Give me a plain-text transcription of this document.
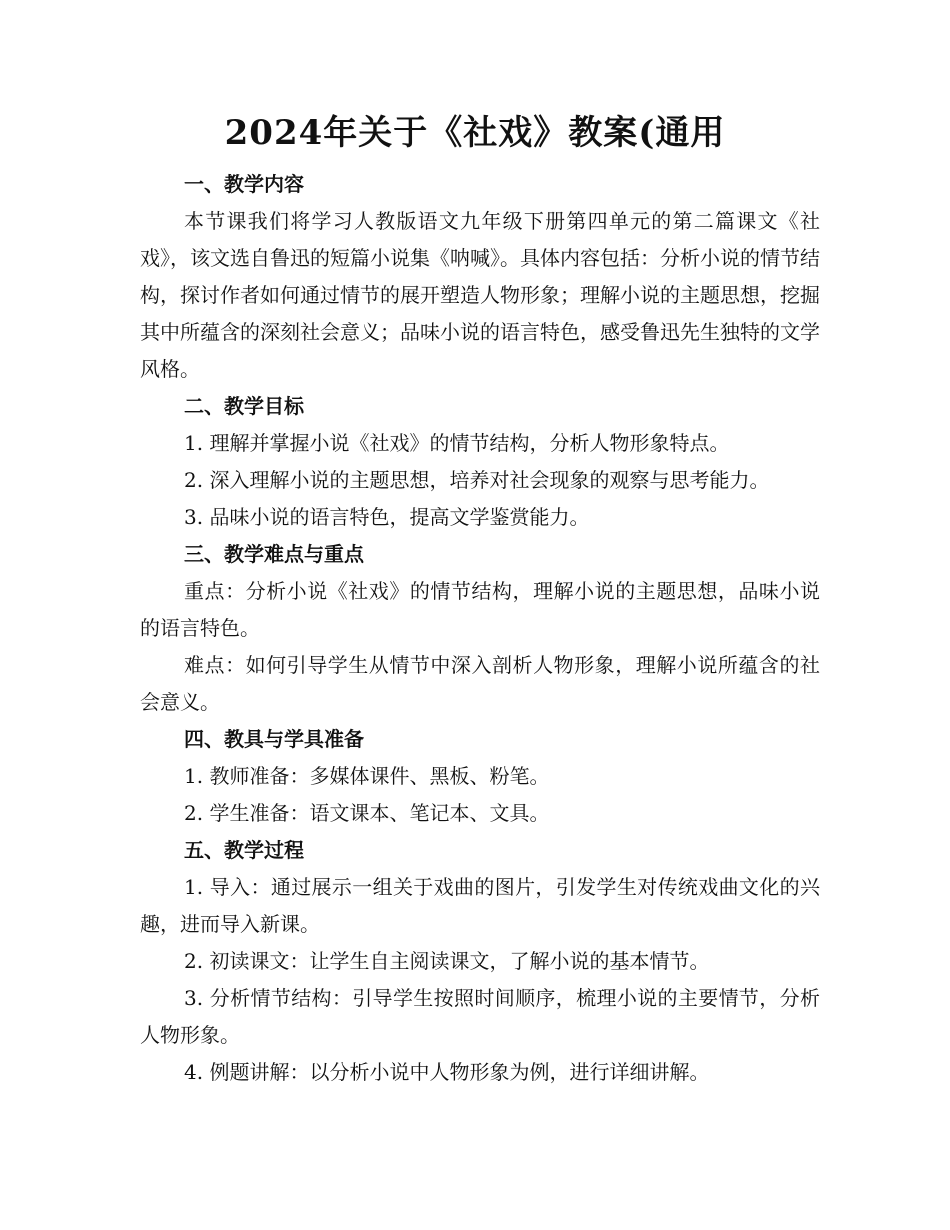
2024年关于《社戏》教案(通用

一、教学内容

本节课我们将学习人教版语文九年级下册第四单元的第二篇课文《社戏》，该文选自鲁迅的短篇小说集《呐喊》。具体内容包括：分析小说的情节结构，探讨作者如何通过情节的展开塑造人物形象；理解小说的主题思想，挖掘其中所蕴含的深刻社会意义；品味小说的语言特色，感受鲁迅先生独特的文学风格。

二、教学目标

1. 理解并掌握小说《社戏》的情节结构，分析人物形象特点。

2. 深入理解小说的主题思想，培养对社会现象的观察与思考能力。

3. 品味小说的语言特色，提高文学鉴赏能力。

三、教学难点与重点

重点：分析小说《社戏》的情节结构，理解小说的主题思想，品味小说的语言特色。

难点：如何引导学生从情节中深入剖析人物形象，理解小说所蕴含的社会意义。

四、教具与学具准备

1. 教师准备：多媒体课件、黑板、粉笔。

2. 学生准备：语文课本、笔记本、文具。

五、教学过程

1. 导入：通过展示一组关于戏曲的图片，引发学生对传统戏曲文化的兴趣，进而导入新课。

2. 初读课文：让学生自主阅读课文，了解小说的基本情节。

3. 分析情节结构：引导学生按照时间顺序，梳理小说的主要情节，分析人物形象。

4. 例题讲解：以分析小说中人物形象为例，进行详细讲解。
